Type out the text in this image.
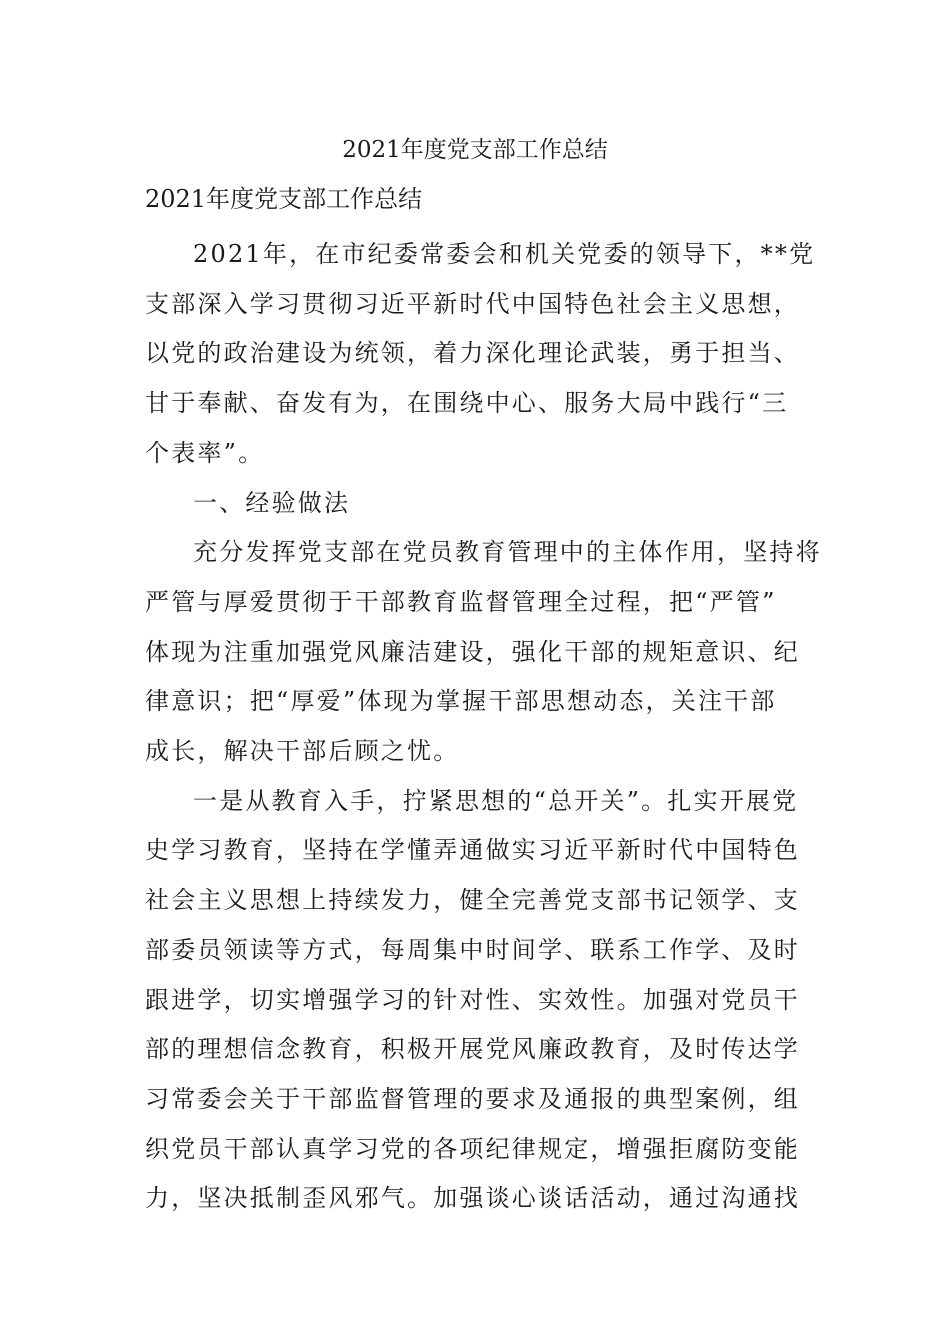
2021年度党支部工作总结

2021年度党支部工作总结

2021年，在市纪委常委会和机关党委的领导下，**党
支部深入学习贯彻习近平新时代中国特色社会主义思想，
以党的政治建设为统领，着力深化理论武装，勇于担当、
甘于奉献、奋发有为，在围绕中心、服务大局中践行“三
个表率”。

一、经验做法

充分发挥党支部在党员教育管理中的主体作用，坚持将
严管与厚爱贯彻于干部教育监督管理全过程，把“严管”
体现为注重加强党风廉洁建设，强化干部的规矩意识、纪
律意识；把“厚爱”体现为掌握干部思想动态，关注干部
成长，解决干部后顾之忧。

一是从教育入手，拧紧思想的“总开关”。扎实开展党
史学习教育，坚持在学懂弄通做实习近平新时代中国特色
社会主义思想上持续发力，健全完善党支部书记领学、支
部委员领读等方式，每周集中时间学、联系工作学、及时
跟进学，切实增强学习的针对性、实效性。加强对党员干
部的理想信念教育，积极开展党风廉政教育，及时传达学
习常委会关于干部监督管理的要求及通报的典型案例，组
织党员干部认真学习党的各项纪律规定，增强拒腐防变能
力，坚决抵制歪风邪气。加强谈心谈话活动，通过沟通找
